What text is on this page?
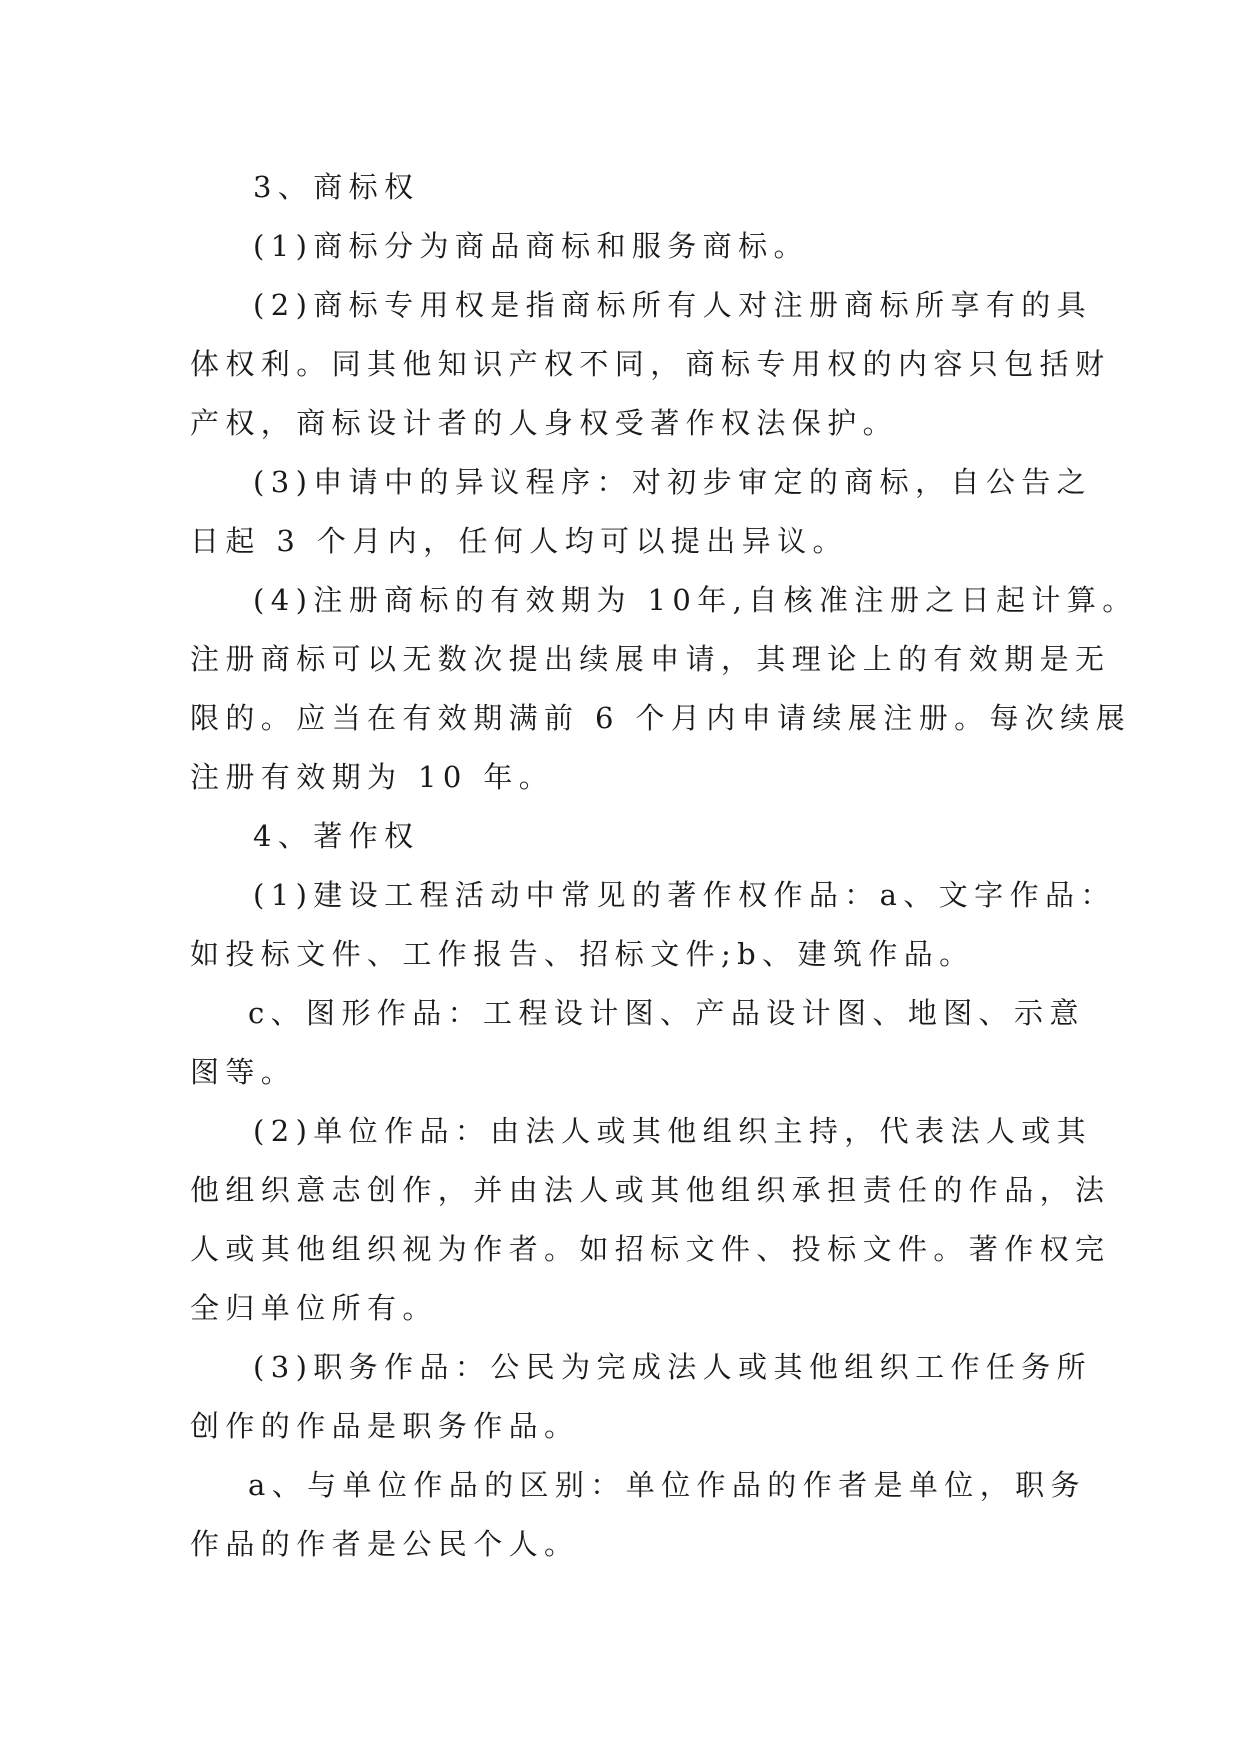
3、商标权

(1)商标分为商品商标和服务商标。

(2)商标专用权是指商标所有人对注册商标所享有的具

体权利。同其他知识产权不同，商标专用权的内容只包括财

产权，商标设计者的人身权受著作权法保护。

(3)申请中的异议程序：对初步审定的商标，自公告之

日起 3 个月内，任何人均可以提出异议。

(4)注册商标的有效期为 10年,自核准注册之日起计算。

注册商标可以无数次提出续展申请，其理论上的有效期是无

限的。应当在有效期满前 6 个月内申请续展注册。每次续展

注册有效期为 10 年。

4、著作权

(1)建设工程活动中常见的著作权作品：a、文字作品：

如投标文件、工作报告、招标文件;b、建筑作品。

c、图形作品：工程设计图、产品设计图、地图、示意

图等。

(2)单位作品：由法人或其他组织主持，代表法人或其

他组织意志创作，并由法人或其他组织承担责任的作品，法

人或其他组织视为作者。如招标文件、投标文件。著作权完

全归单位所有。

(3)职务作品：公民为完成法人或其他组织工作任务所

创作的作品是职务作品。

a、与单位作品的区别：单位作品的作者是单位，职务

作品的作者是公民个人。
